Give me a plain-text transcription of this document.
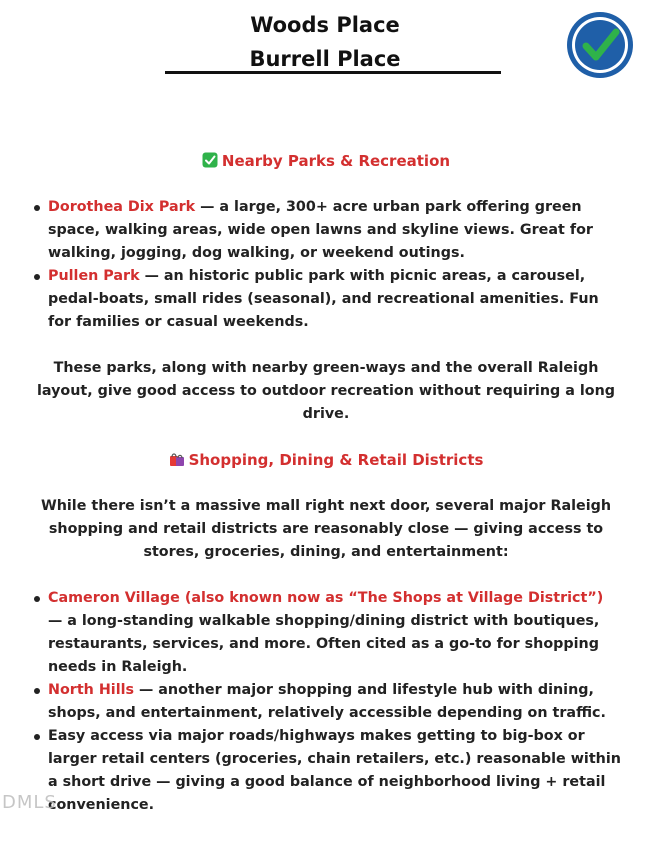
Woods Place
Burrell Place
Nearby Parks & Recreation
Dorothea Dix Park — a large, 300+ acre urban park offering green space, walking areas, wide open lawns and skyline views. Great for walking, jogging, dog walking, or weekend outings.
Pullen Park — an historic public park with picnic areas, a carousel, pedal-boats, small rides (seasonal), and recreational amenities. Fun for families or casual weekends.

These parks, along with nearby green-ways and the overall Raleigh layout, give good access to outdoor recreation without requiring a long drive.

Shopping, Dining & Retail Districts

While there isn’t a massive mall right next door, several major Raleigh shopping and retail districts are reasonably close — giving access to stores, groceries, dining, and entertainment:

Cameron Village (also known now as “The Shops at Village District”) — a long-standing walkable shopping/dining district with boutiques, restaurants, services, and more. Often cited as a go-to for shopping needs in Raleigh.
North Hills — another major shopping and lifestyle hub with dining, shops, and entertainment, relatively accessible depending on traffic.
Easy access via major roads/highways makes getting to big-box or larger retail centers (groceries, chain retailers, etc.) reasonable within a short drive — giving a good balance of neighborhood living + retail convenience.
DMLS
